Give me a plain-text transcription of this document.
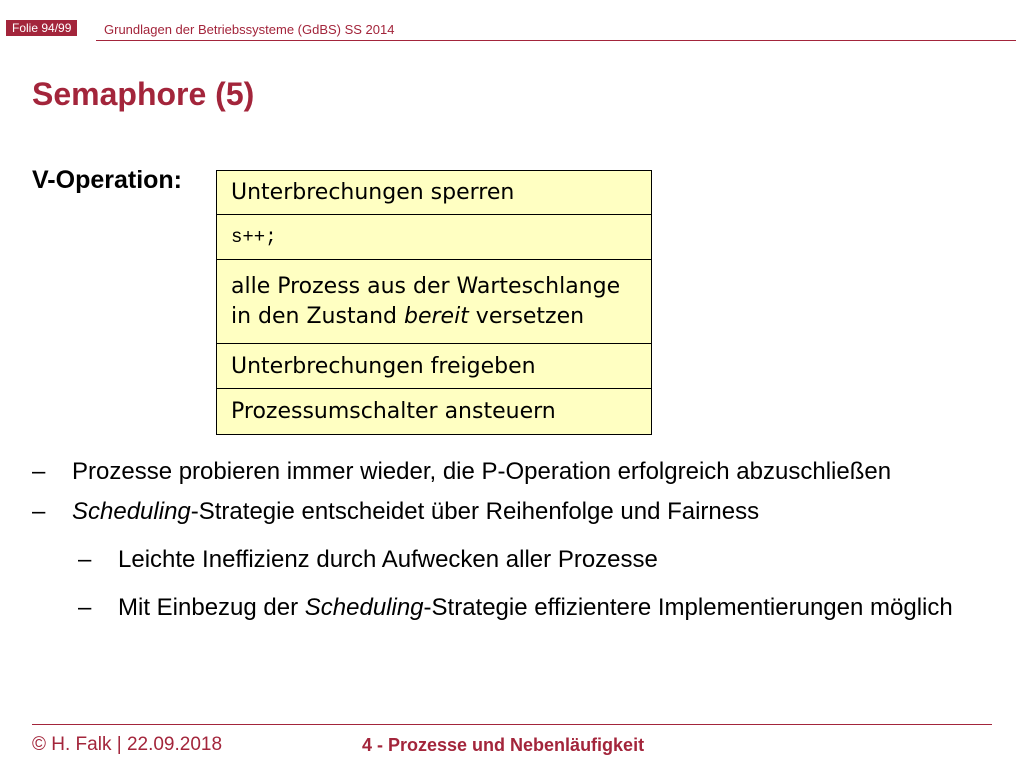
Folie 94/99	Grundlagen der Betriebssysteme (GdBS) SS 2014
Semaphore (5)
V-Operation: Unterbrechungen sperren
s++;
alle Prozess aus der Warteschlange
in den Zustand bereit versetzen
Unterbrechungen freigeben
Prozessumschalter ansteuern
– Prozesse probieren immer wieder, die P-Operation erfolgreich abzuschließen
– Scheduling-Strategie entscheidet über Reihenfolge und Fairness
– Leichte Ineffizienz durch Aufwecken aller Prozesse
– Mit Einbezug der Scheduling-Strategie effizientere Implementierungen möglich
© H. Falk | 22.09.2018	4 - Prozesse und Nebenläufigkeit
